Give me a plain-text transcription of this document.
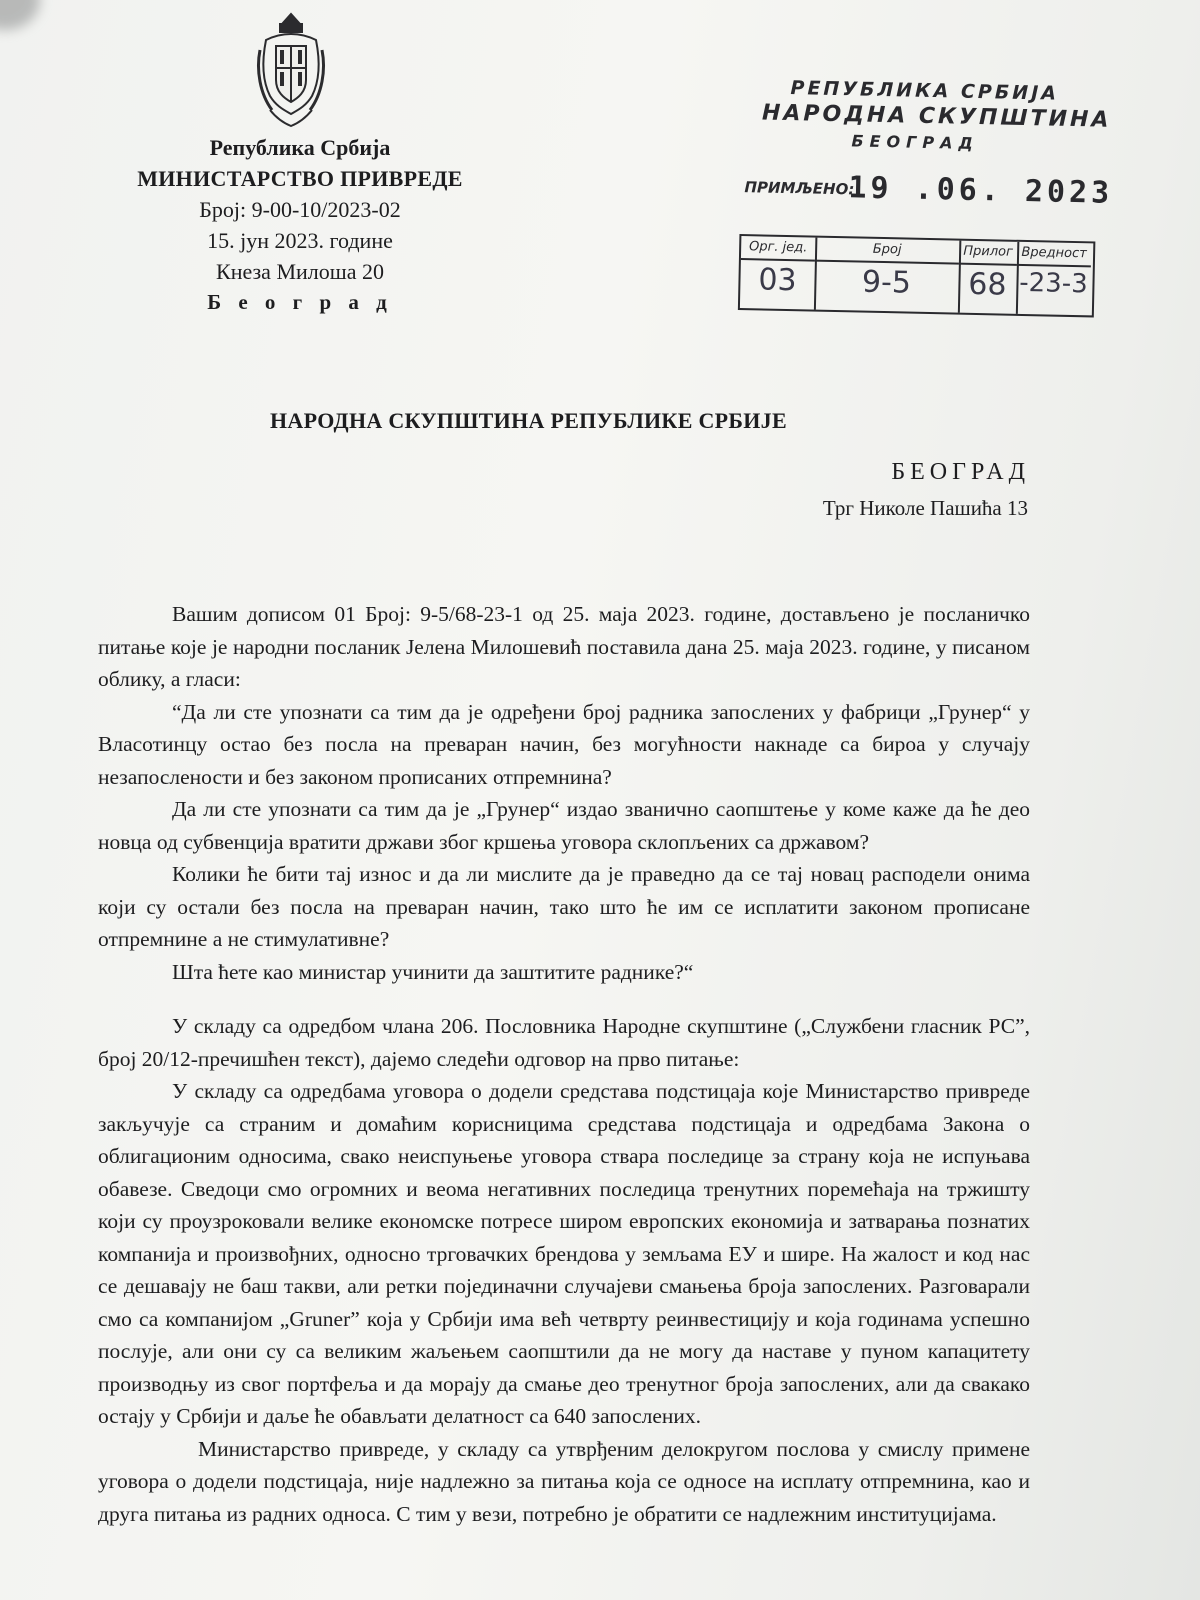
Република Србија
МИНИСТАРСТВО ПРИВРЕДЕ
Број: 9-00-10/2023-02
15. јун 2023. године
Кнеза Милоша 20
Б е о г р а д
РЕПУБЛИКА СРБИЈА
НАРОДНА СКУПШТИНА
БЕОГРАД
ПРИМЉЕНО:
19 .06. 2023
Орг. јед.
03
Број
9-5
Прилог
68
Вредност
-23-3
НАРОДНА СКУПШТИНА РЕПУБЛИКЕ СРБИЈЕ
БЕОГРАД
Трг Николе Пашића 13

Вашим дописом 01 Број: 9-5/68-23-1 од 25. маја 2023. године, достављено је посланичко питање које је народни посланик Јелена Милошевић поставила дана 25. маја 2023. године, у писаном облику, а гласи:

“Да ли сте упознати са тим да је одређени број радника запослених у фабрици „Грунер“ у Власотинцу остао без посла на преваран начин, без могућности накнаде са бироа у случају незапослености и без законом прописаних отпремнина?

Да ли сте упознати са тим да је „Грунер“ издао званично саопштење у коме каже да ће део новца од субвенција вратити држави због кршења уговора склопљених са државом?

Колики ће бити тај износ и да ли мислите да је праведно да се тај новац расподели онима који су остали без посла на преваран начин, тако што ће им се исплатити законом прописане отпремнине а не стимулативне?

Шта ћете као министар учинити да заштитите раднике?“

У складу са одредбом члана 206. Пословника Народне скупштине („Службени гласник РС”, број 20/12-пречишћен текст), дајемо следећи одговор на прво питање:

У складу са одредбама уговора о додели средстава подстицаја које Министарство привреде закључује са страним и домаћим корисницима средстава подстицаја и одредбама Закона о облигационим односима, свако неиспуњење уговора ствара последице за страну која не испуњава обавезе. Сведоци смо огромних и веома негативних последица тренутних поремећаја на тржишту који су проузроковали велике економске потресе широм европских економија и затварања познатих компанија и произвођних, односно трговачких брендова у земљама ЕУ и шире. На жалост и код нас се дешавају не баш такви, али ретки појединачни случајеви смањења броја запослених. Разговарали смо са компанијом „Gruner” која у Србији има већ четврту реинвестицију и која годинама успешно послује, али они су са великим жаљењем саопштили да не могу да наставе у пуном капацитету производњу из свог портфеља и да морају да смање део тренутног броја запослених, али да свакако остају у Србији и даље ће обављати делатност са 640 запослених.

Министарство привреде, у складу са утврђеним делокругом послова у смислу примене уговора о додели подстицаја, није надлежно за питања која се односе на исплату отпремнина, као и друга питања из радних односа. С тим у вези, потребно је обратити се надлежним институцијама.
